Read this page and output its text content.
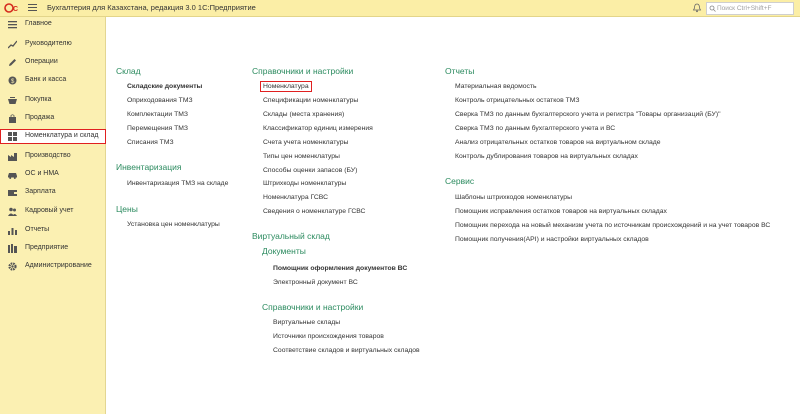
C	Бухгалтерия для Казахстана, редакция 3.0 1С:Предприятие
Поиск Ctrl+Shift+F
Главное
Руководителю
Операции
$ Банк и касса
Покупка
Продажа
Номенклатура и склад
Производство
ОС и НМА
Зарплата
Кадровый учет
Отчеты
Предприятие
Администрирование
Склад
Складские документы
Оприходования ТМЗ
Комплектации ТМЗ
Перемещения ТМЗ
Списания ТМЗ
Инвентаризация
Инвентаризация ТМЗ на складе
Цены
Установка цен номенклатуры
Справочники и настройки
Номенклатура
Спецификации номенклатуры
Склады (места хранения)
Классификатор единиц измерения
Счета учета номенклатуры
Типы цен номенклатуры
Способы оценки запасов (БУ)
Штрихкоды номенклатуры
Номенклатура ГСВС
Сведения о номенклатуре ГСВС
Виртуальный склад
Документы
Помощник оформления документов ВС
Электронный документ ВС
Справочники и настройки
Виртуальные склады
Источники происхождения товаров
Соответствие складов и виртуальных складов
Отчеты
Материальная ведомость
Контроль отрицательных остатков ТМЗ
Сверка ТМЗ по данным бухгалтерского учета и регистра "Товары организаций (БУ)"
Сверка ТМЗ по данным бухгалтерского учета и ВС
Анализ отрицательных остатков товаров на виртуальном складе
Контроль дублирования товаров на виртуальных складах
Сервис
Шаблоны штрихкодов номенклатуры
Помощник исправления остатков товаров на виртуальных складах
Помощник перехода на новый механизм учета по источникам происхождений и на учет товаров ВС
Помощник получения(API) и настройки виртуальных складов
